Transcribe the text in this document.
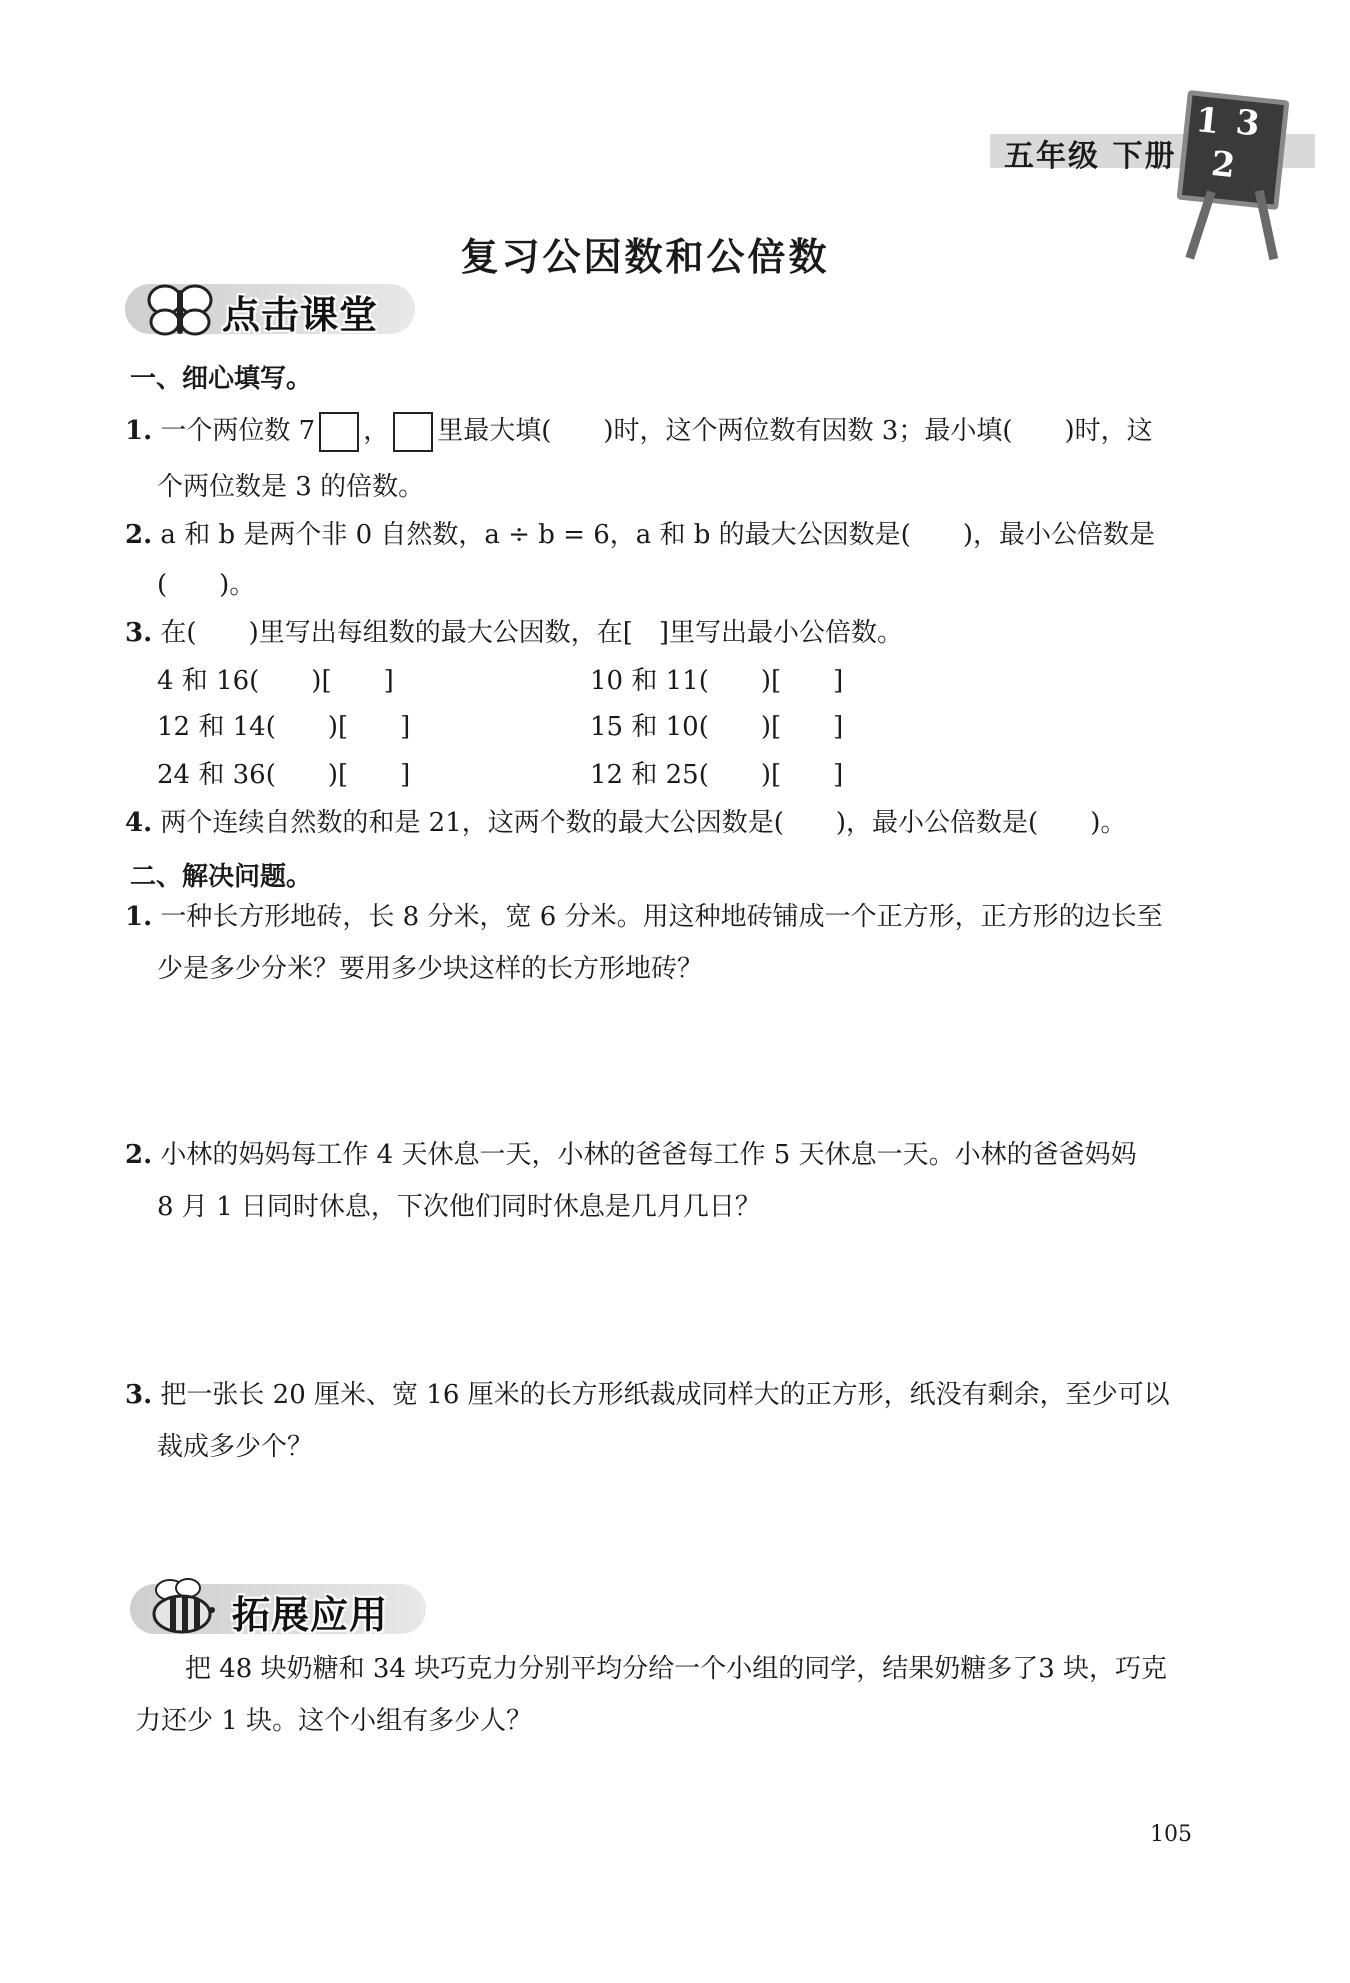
五年级 下册
1 3
2
复习公因数和公倍数
点击课堂
一、细心填写。
1. 一个两位数 7 ， 里最大填(　　)时，这个两位数有因数 3；最小填(　　)时，这
个两位数是 3 的倍数。
2. a 和 b 是两个非 0 自然数，a ÷ b = 6，a 和 b 的最大公因数是(　　)，最小公倍数是
(　　)。
3. 在(　　)里写出每组数的最大公因数，在[　]里写出最小公倍数。
4 和 16(　　)[　　]	10 和 11(　　)[　　]
12 和 14(　　)[　　]	15 和 10(　　)[　　]
24 和 36(　　)[　　]	12 和 25(　　)[　　]
4. 两个连续自然数的和是 21，这两个数的最大公因数是(　　)，最小公倍数是(　　)。
二、解决问题。
1. 一种长方形地砖，长 8 分米，宽 6 分米。用这种地砖铺成一个正方形，正方形的边长至
少是多少分米？要用多少块这样的长方形地砖？
2. 小林的妈妈每工作 4 天休息一天，小林的爸爸每工作 5 天休息一天。小林的爸爸妈妈
8 月 1 日同时休息，下次他们同时休息是几月几日？
3. 把一张长 20 厘米、宽 16 厘米的长方形纸裁成同样大的正方形，纸没有剩余，至少可以
裁成多少个？
拓展应用
把 48 块奶糖和 34 块巧克力分别平均分给一个小组的同学，结果奶糖多了3 块，巧克
力还少 1 块。这个小组有多少人？
105
